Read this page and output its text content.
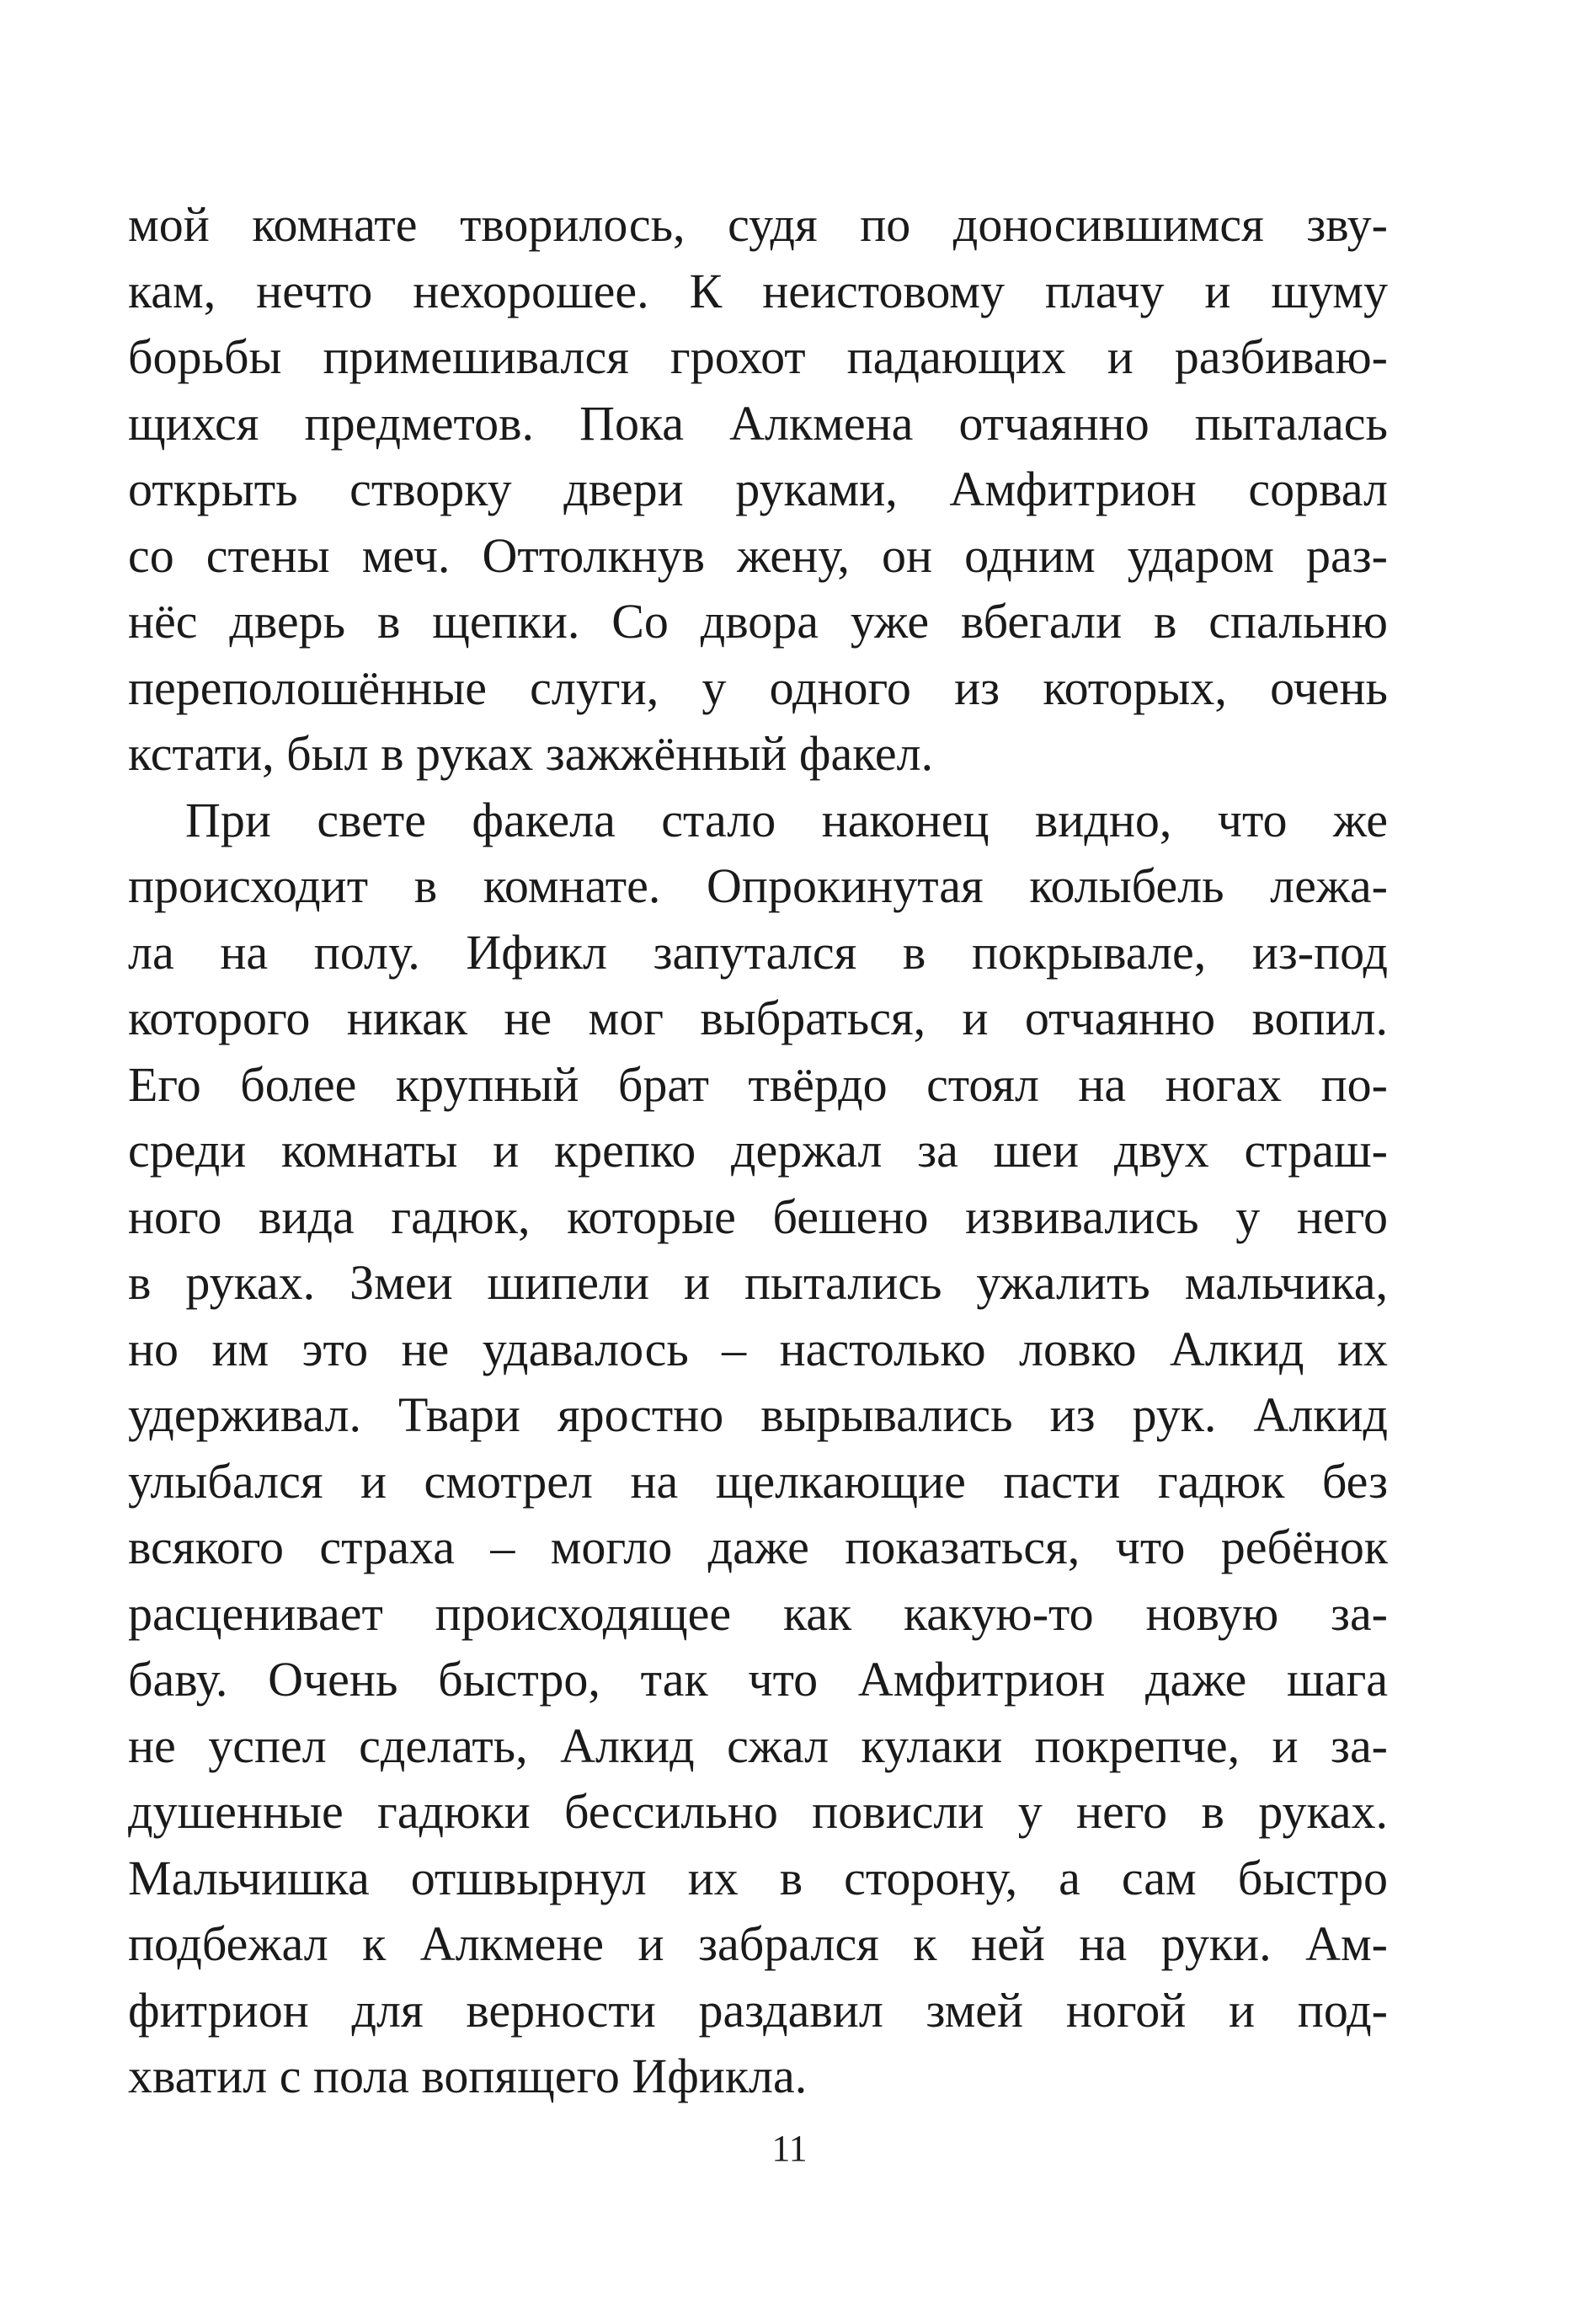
мой комнате творилось, судя по доносившимся зву-
кам, нечто нехорошее. К неистовому плачу и шуму
борьбы примешивался грохот падающих и разбиваю-
щихся предметов. Пока Алкмена отчаянно пыталась
открыть створку двери руками, Амфитрион сорвал
со стены меч. Оттолкнув жену, он одним ударом раз-
нёс дверь в щепки. Со двора уже вбегали в спальню
переполошённые слуги, у одного из которых, очень
кстати, был в руках зажжённый факел.
При свете факела стало наконец видно, что же
происходит в комнате. Опрокинутая колыбель лежа-
ла на полу. Ификл запутался в покрывале, из-под
которого никак не мог выбраться, и отчаянно вопил.
Его более крупный брат твёрдо стоял на ногах по-
среди комнаты и крепко держал за шеи двух страш-
ного вида гадюк, которые бешено извивались у него
в руках. Змеи шипели и пытались ужалить мальчика,
но им это не удавалось – настолько ловко Алкид их
удерживал. Твари яростно вырывались из рук. Алкид
улыбался и смотрел на щелкающие пасти гадюк без
всякого страха – могло даже показаться, что ребёнок
расценивает происходящее как какую-то новую за-
баву. Очень быстро, так что Амфитрион даже шага
не успел сделать, Алкид сжал кулаки покрепче, и за-
душенные гадюки бессильно повисли у него в руках.
Мальчишка отшвырнул их в сторону, а сам быстро
подбежал к Алкмене и забрался к ней на руки. Ам-
фитрион для верности раздавил змей ногой и под-
хватил с пола вопящего Ификла.
11
